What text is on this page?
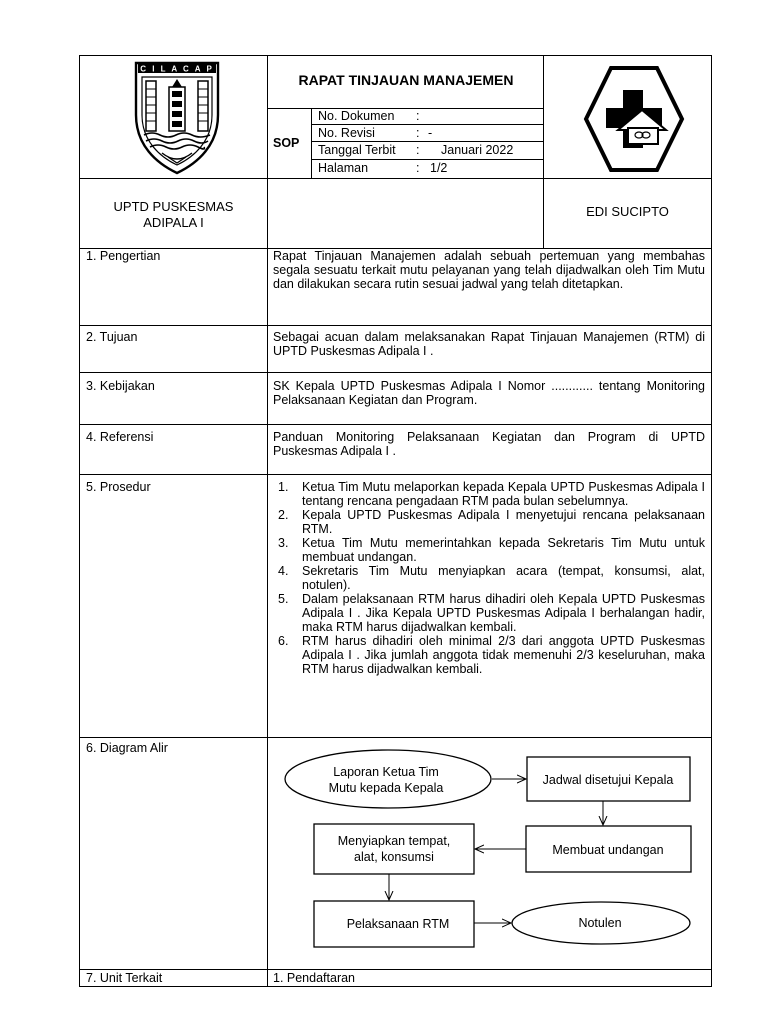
C I L A C A P
RAPAT TINJAUAN MANAJEMEN
SOP
No. Dokumen :
No. Revisi	: -
Tanggal Terbit : Januari 2022
Halaman	: 1/2
UPTD PUSKESMAS
ADIPALA I
EDI SUCIPTO
1. Pengertian	Rapat Tinjauan Manajemen adalah sebuah pertemuan yang membahas segala sesuatu terkait mutu pelayanan yang telah dijadwalkan oleh Tim Mutu dan dilakukan secara rutin sesuai jadwal yang telah ditetapkan.
2. Tujuan	Sebagai acuan dalam melaksanakan Rapat Tinjauan Manajemen (RTM) di UPTD Puskesmas Adipala I .
3. Kebijakan	SK Kepala UPTD Puskesmas Adipala I Nomor ............ tentang Monitoring Pelaksanaan Kegiatan dan Program.
4. Referensi	Panduan Monitoring Pelaksanaan Kegiatan dan Program di UPTD Puskesmas Adipala I .
5. Prosedur	1. Ketua Tim Mutu melaporkan kepada Kepala UPTD Puskesmas Adipala I tentang rencana pengadaan RTM pada bulan sebelumnya.
2. Kepala UPTD Puskesmas Adipala I menyetujui rencana pelaksanaan RTM.
3. Ketua Tim Mutu memerintahkan kepada Sekretaris Tim Mutu untuk membuat undangan.
4. Sekretaris Tim Mutu menyiapkan acara (tempat, konsumsi, alat, notulen).
5. Dalam pelaksanaan RTM harus dihadiri oleh Kepala UPTD Puskesmas Adipala I . Jika Kepala UPTD Puskesmas Adipala I berhalangan hadir, maka RTM harus dijadwalkan kembali.
6. RTM harus dihadiri oleh minimal 2/3 dari anggota UPTD Puskesmas Adipala I . Jika jumlah anggota tidak memenuhi 2/3 keseluruhan, maka RTM harus dijadwalkan kembali.
6. Diagram Alir
Laporan Ketua Tim
Mutu kepada Kepala
Jadwal disetujui Kepala
Membuat undangan
Menyiapkan tempat,
alat, konsumsi
Pelaksanaan RTM	Notulen
7. Unit Terkait	1. Pendaftaran
